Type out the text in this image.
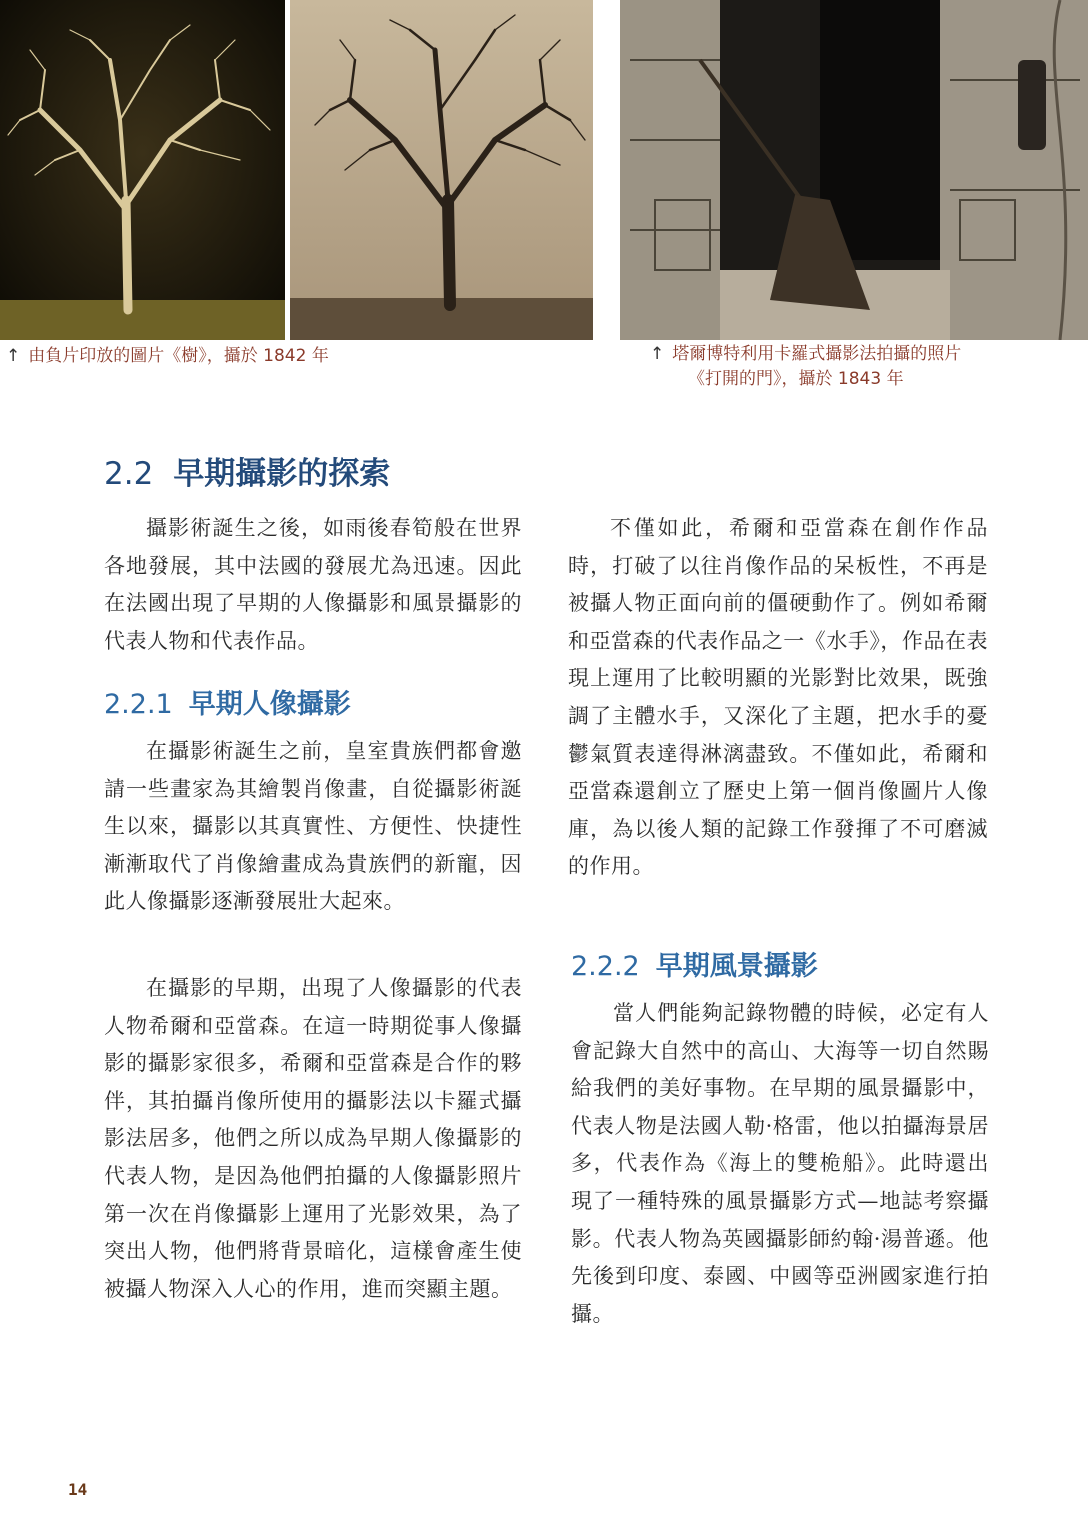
↑ 由負片印放的圖片《樹》，攝於 1842 年	↑ 塔爾博特利用卡羅式攝影法拍攝的照片
《打開的門》，攝於 1843 年
2.2 早期攝影的探索

攝影術誕生之後，如雨後春筍般在世界各地發展，其中法國的發展尤為迅速。因此在法國出現了早期的人像攝影和風景攝影的代表人物和代表作品。

2.2.1 早期人像攝影

在攝影術誕生之前，皇室貴族們都會邀請一些畫家為其繪製肖像畫，自從攝影術誕生以來，攝影以其真實性、方便性、快捷性漸漸取代了肖像繪畫成為貴族們的新寵，因此人像攝影逐漸發展壯大起來。

在攝影的早期，出現了人像攝影的代表人物希爾和亞當森。在這一時期從事人像攝影的攝影家很多，希爾和亞當森是合作的夥伴，其拍攝肖像所使用的攝影法以卡羅式攝影法居多，他們之所以成為早期人像攝影的代表人物，是因為他們拍攝的人像攝影照片第一次在肖像攝影上運用了光影效果，為了突出人物，他們將背景暗化，這樣會產生使被攝人物深入人心的作用，進而突顯主題。

不僅如此，希爾和亞當森在創作作品時，打破了以往肖像作品的呆板性，不再是被攝人物正面向前的僵硬動作了。例如希爾和亞當森的代表作品之一《水手》，作品在表現上運用了比較明顯的光影對比效果，既強調了主體水手，又深化了主題，把水手的憂鬱氣質表達得淋漓盡致。不僅如此，希爾和亞當森還創立了歷史上第一個肖像圖片人像庫，為以後人類的記錄工作發揮了不可磨滅的作用。

2.2.2 早期風景攝影

當人們能夠記錄物體的時候，必定有人會記錄大自然中的高山、大海等一切自然賜給我們的美好事物。在早期的風景攝影中，代表人物是法國人勒·格雷，他以拍攝海景居多，代表作為《海上的雙桅船》。此時還出現了一種特殊的風景攝影方式—地誌考察攝影。代表人物為英國攝影師約翰·湯普遜。他先後到印度、泰國、中國等亞洲國家進行拍攝。

14
